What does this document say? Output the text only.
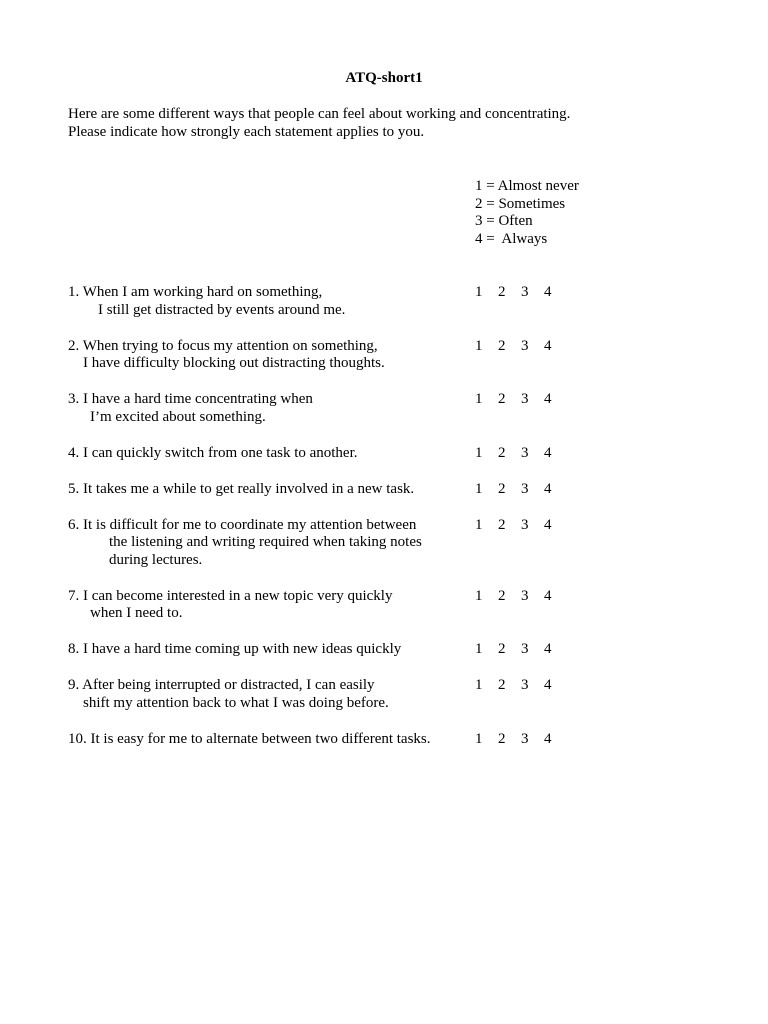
ATQ-short1
Here are some different ways that people can feel about working and concentrating.
Please indicate how strongly each statement applies to you.
1 = Almost never
2 = Sometimes
3 = Often
4 =  Always
1. When I am working hard on something,
I still get distracted by events around me.
1	2	3	4
2. When trying to focus my attention on something,
I have difficulty blocking out distracting thoughts.
1	2	3	4
3. I have a hard time concentrating when
I’m excited about something.
1	2	3	4
4. I can quickly switch from one task to another.	1	2	3	4
5. It takes me a while to get really involved in a new task.	1	2	3	4
6. It is difficult for me to coordinate my attention between
the listening and writing required when taking notes
during lectures.
1	2	3	4
7. I can become interested in a new topic very quickly
when I need to.
1	2	3	4
8. I have a hard time coming up with new ideas quickly	1	2	3	4
9. After being interrupted or distracted, I can easily
shift my attention back to what I was doing before.
1	2	3	4
10. It is easy for me to alternate between two different tasks.	1	2	3	4
